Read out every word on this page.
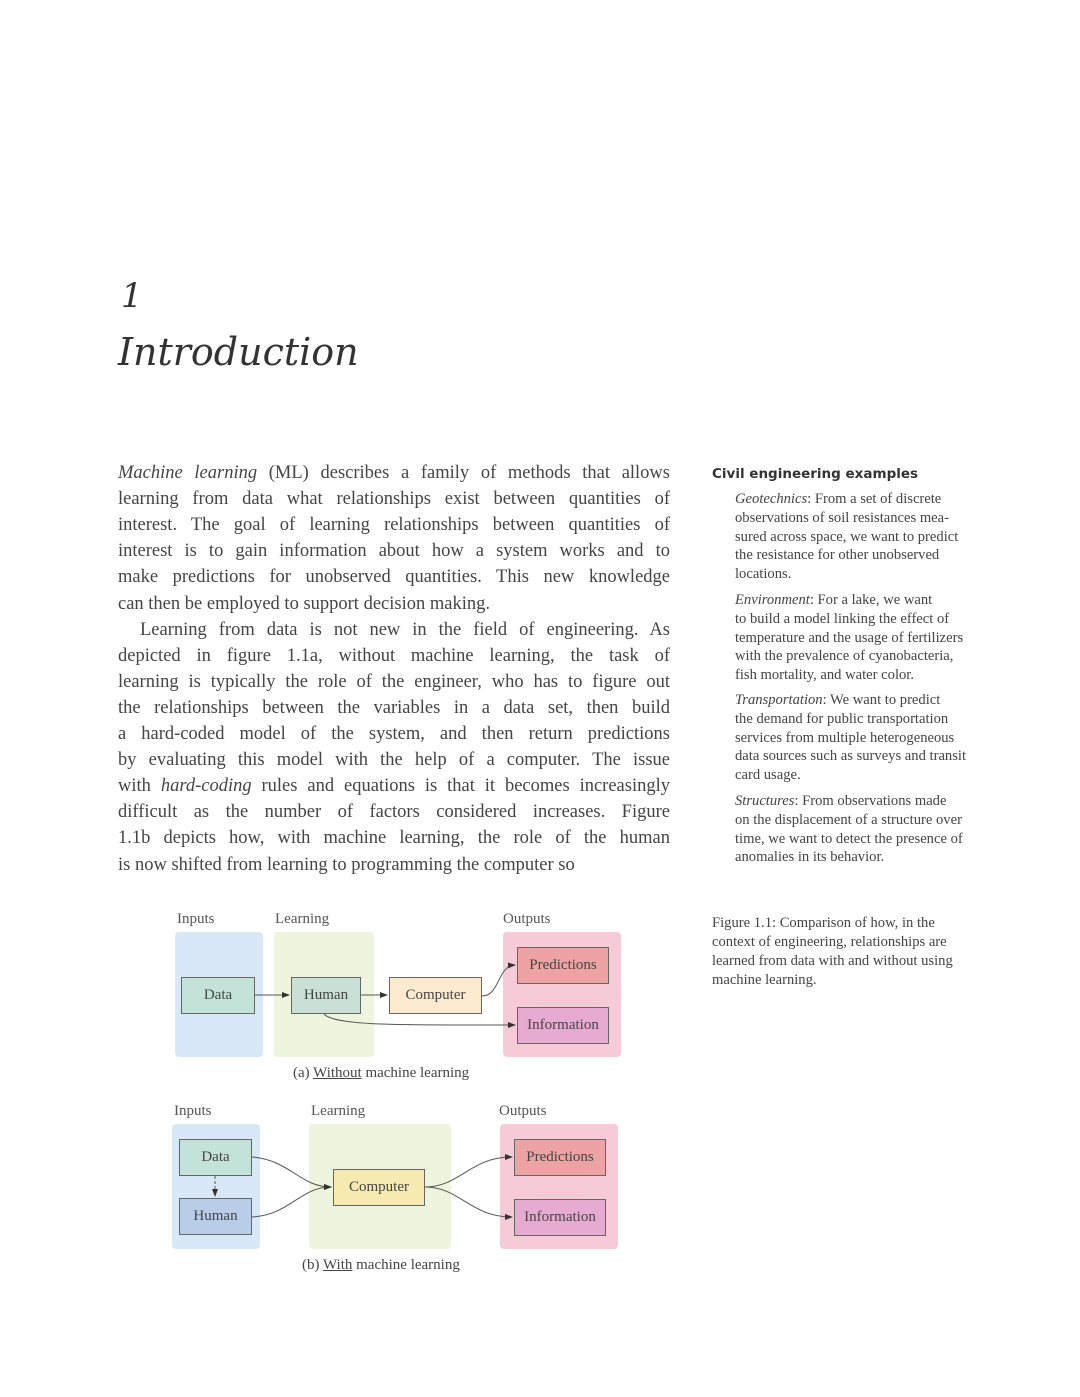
1
Introduction
Machine learning (ML) describes a family of methods that allows
learning from data what relationships exist between quantities of
interest. The goal of learning relationships between quantities of
interest is to gain information about how a system works and to
make predictions for unobserved quantities. This new knowledge
can then be employed to support decision making.
Learning from data is not new in the field of engineering. As
depicted in figure 1.1a, without machine learning, the task of
learning is typically the role of the engineer, who has to figure out
the relationships between the variables in a data set, then build
a hard-coded model of the system, and then return predictions
by evaluating this model with the help of a computer. The issue
with hard-coding rules and equations is that it becomes increasingly
difficult as the number of factors considered increases. Figure
1.1b depicts how, with machine learning, the role of the human
is now shifted from learning to programming the computer so
Civil engineering examples
Geotechnics: From a set of discrete
observations of soil resistances mea-
sured across space, we want to predict
the resistance for other unobserved
locations.
Environment: For a lake, we want
to build a model linking the effect of
temperature and the usage of fertilizers
with the prevalence of cyanobacteria,
fish mortality, and water color.
Transportation: We want to predict
the demand for public transportation
services from multiple heterogeneous
data sources such as surveys and transit
card usage.
Structures: From observations made
on the displacement of a structure over
time, we want to detect the presence of
anomalies in its behavior.
Figure 1.1: Comparison of how, in the
context of engineering, relationships are
learned from data with and without using
machine learning.
Inputs	Learning	Outputs
Data	Human	Computer
Predictions
Information
(a) Without machine learning
Inputs	Learning	Outputs
Data
Human
Computer
Predictions
Information
(b) With machine learning
